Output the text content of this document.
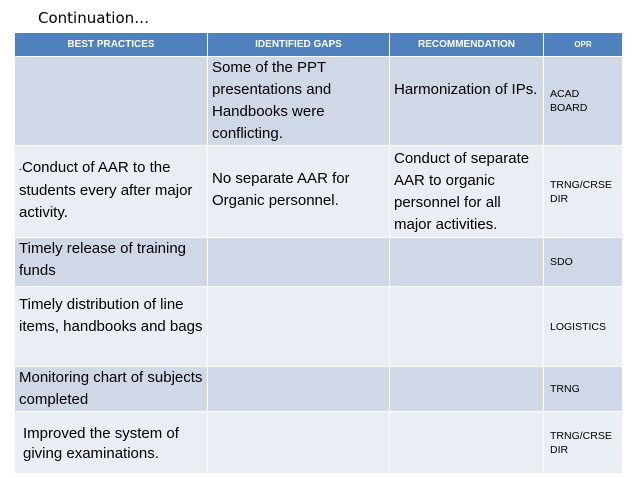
Continuation…
BEST PRACTICES	IDENTIFIED GAPS	RECOMMENDATION	OPR
	Some of the PPT presentations and Handbooks were conflicting.	Harmonization of IPs.	ACAD BOARD
-Conduct of AAR to the students every after major activity.	No separate AAR for Organic personnel.	Conduct of separate AAR to organic personnel for all major activities.	TRNG/CRSE DIR
Timely release of training funds			SDO
Timely distribution of line items, handbooks and bags			LOGISTICS
Monitoring chart of subjects completed			TRNG
Improved the system of giving examinations.			TRNG/CRSE DIR
